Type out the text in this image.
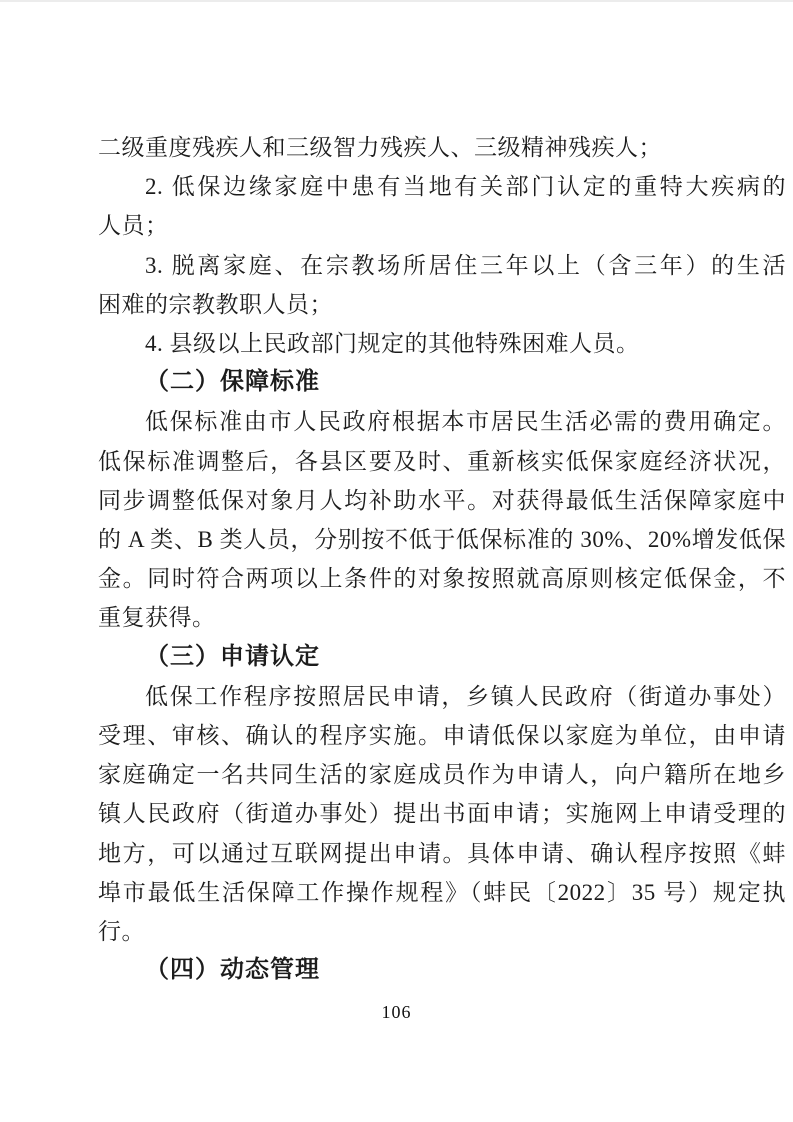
二级重度残疾人和三级智力残疾人、三级精神残疾人；
2. 低保边缘家庭中患有当地有关部门认定的重特大疾病的
人员；
3. 脱离家庭、在宗教场所居住三年以上（含三年）的生活
困难的宗教教职人员；
4. 县级以上民政部门规定的其他特殊困难人员。
（二）保障标准
低保标准由市人民政府根据本市居民生活必需的费用确定。
低保标准调整后，各县区要及时、重新核实低保家庭经济状况，
同步调整低保对象月人均补助水平。对获得最低生活保障家庭中
的 A 类、B 类人员，分别按不低于低保标准的 30%、20%增发低保
金。同时符合两项以上条件的对象按照就高原则核定低保金，不
重复获得。
（三）申请认定
低保工作程序按照居民申请，乡镇人民政府（街道办事处）
受理、审核、确认的程序实施。申请低保以家庭为单位，由申请
家庭确定一名共同生活的家庭成员作为申请人，向户籍所在地乡
镇人民政府（街道办事处）提出书面申请；实施网上申请受理的
地方，可以通过互联网提出申请。具体申请、确认程序按照《蚌
埠市最低生活保障工作操作规程》（蚌民〔2022〕35 号）规定执
行。
（四）动态管理
106
